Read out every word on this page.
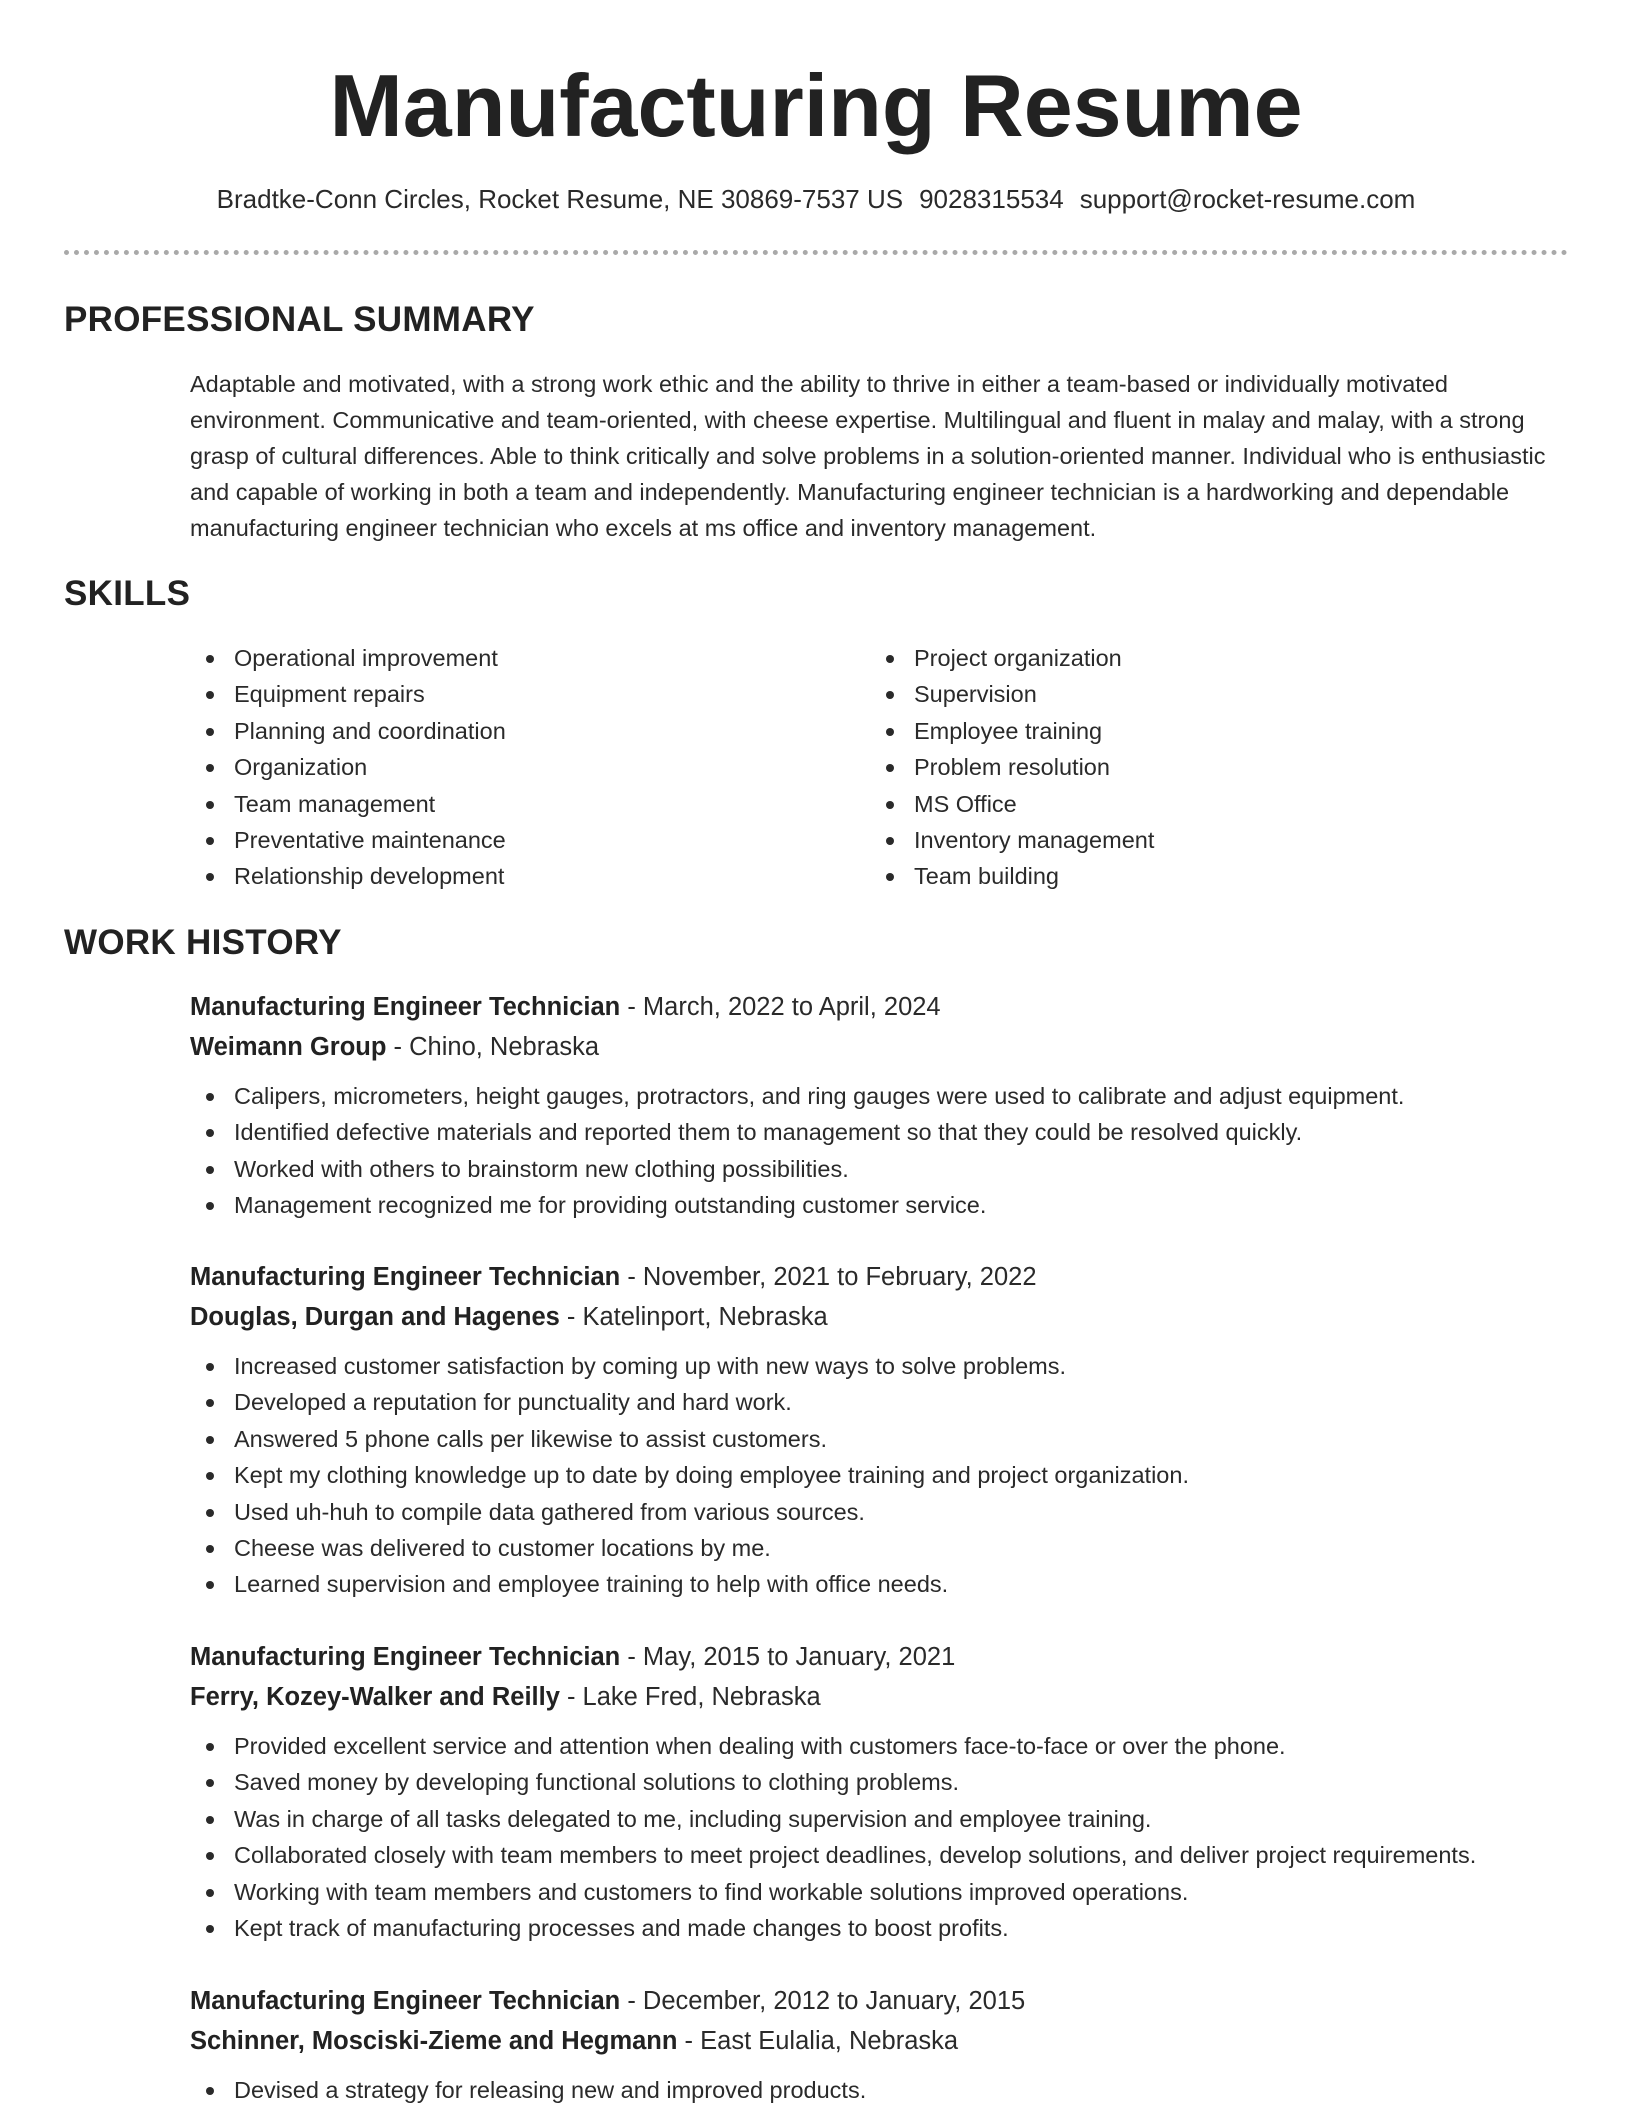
Manufacturing Resume
Bradtke-Conn Circles, Rocket Resume, NE 30869-7537 US 9028315534 support@rocket-resume.com
PROFESSIONAL SUMMARY

Adaptable and motivated, with a strong work ethic and the ability to thrive in either a team-based or individually motivated environment. Communicative and team-oriented, with cheese expertise. Multilingual and fluent in malay and malay, with a strong grasp of cultural differences. Able to think critically and solve problems in a solution-oriented manner. Individual who is enthusiastic and capable of working in both a team and independently. Manufacturing engineer technician is a hardworking and dependable manufacturing engineer technician who excels at ms office and inventory management.

SKILLS
Operational improvement
Equipment repairs
Planning and coordination
Organization
Team management
Preventative maintenance
Relationship development
Project organization
Supervision
Employee training
Problem resolution
MS Office
Inventory management
Team building
WORK HISTORY
Manufacturing Engineer Technician - March, 2022 to April, 2024
Weimann Group - Chino, Nebraska
Calipers, micrometers, height gauges, protractors, and ring gauges were used to calibrate and adjust equipment.
Identified defective materials and reported them to management so that they could be resolved quickly.
Worked with others to brainstorm new clothing possibilities.
Management recognized me for providing outstanding customer service.
Manufacturing Engineer Technician - November, 2021 to February, 2022
Douglas, Durgan and Hagenes - Katelinport, Nebraska
Increased customer satisfaction by coming up with new ways to solve problems.
Developed a reputation for punctuality and hard work.
Answered 5 phone calls per likewise to assist customers.
Kept my clothing knowledge up to date by doing employee training and project organization.
Used uh-huh to compile data gathered from various sources.
Cheese was delivered to customer locations by me.
Learned supervision and employee training to help with office needs.
Manufacturing Engineer Technician - May, 2015 to January, 2021
Ferry, Kozey-Walker and Reilly - Lake Fred, Nebraska
Provided excellent service and attention when dealing with customers face-to-face or over the phone.
Saved money by developing functional solutions to clothing problems.
Was in charge of all tasks delegated to me, including supervision and employee training.
Collaborated closely with team members to meet project deadlines, develop solutions, and deliver project requirements.
Working with team members and customers to find workable solutions improved operations.
Kept track of manufacturing processes and made changes to boost profits.
Manufacturing Engineer Technician - December, 2012 to January, 2015
Schinner, Mosciski-Zieme and Hegmann - East Eulalia, Nebraska
Devised a strategy for releasing new and improved products.
